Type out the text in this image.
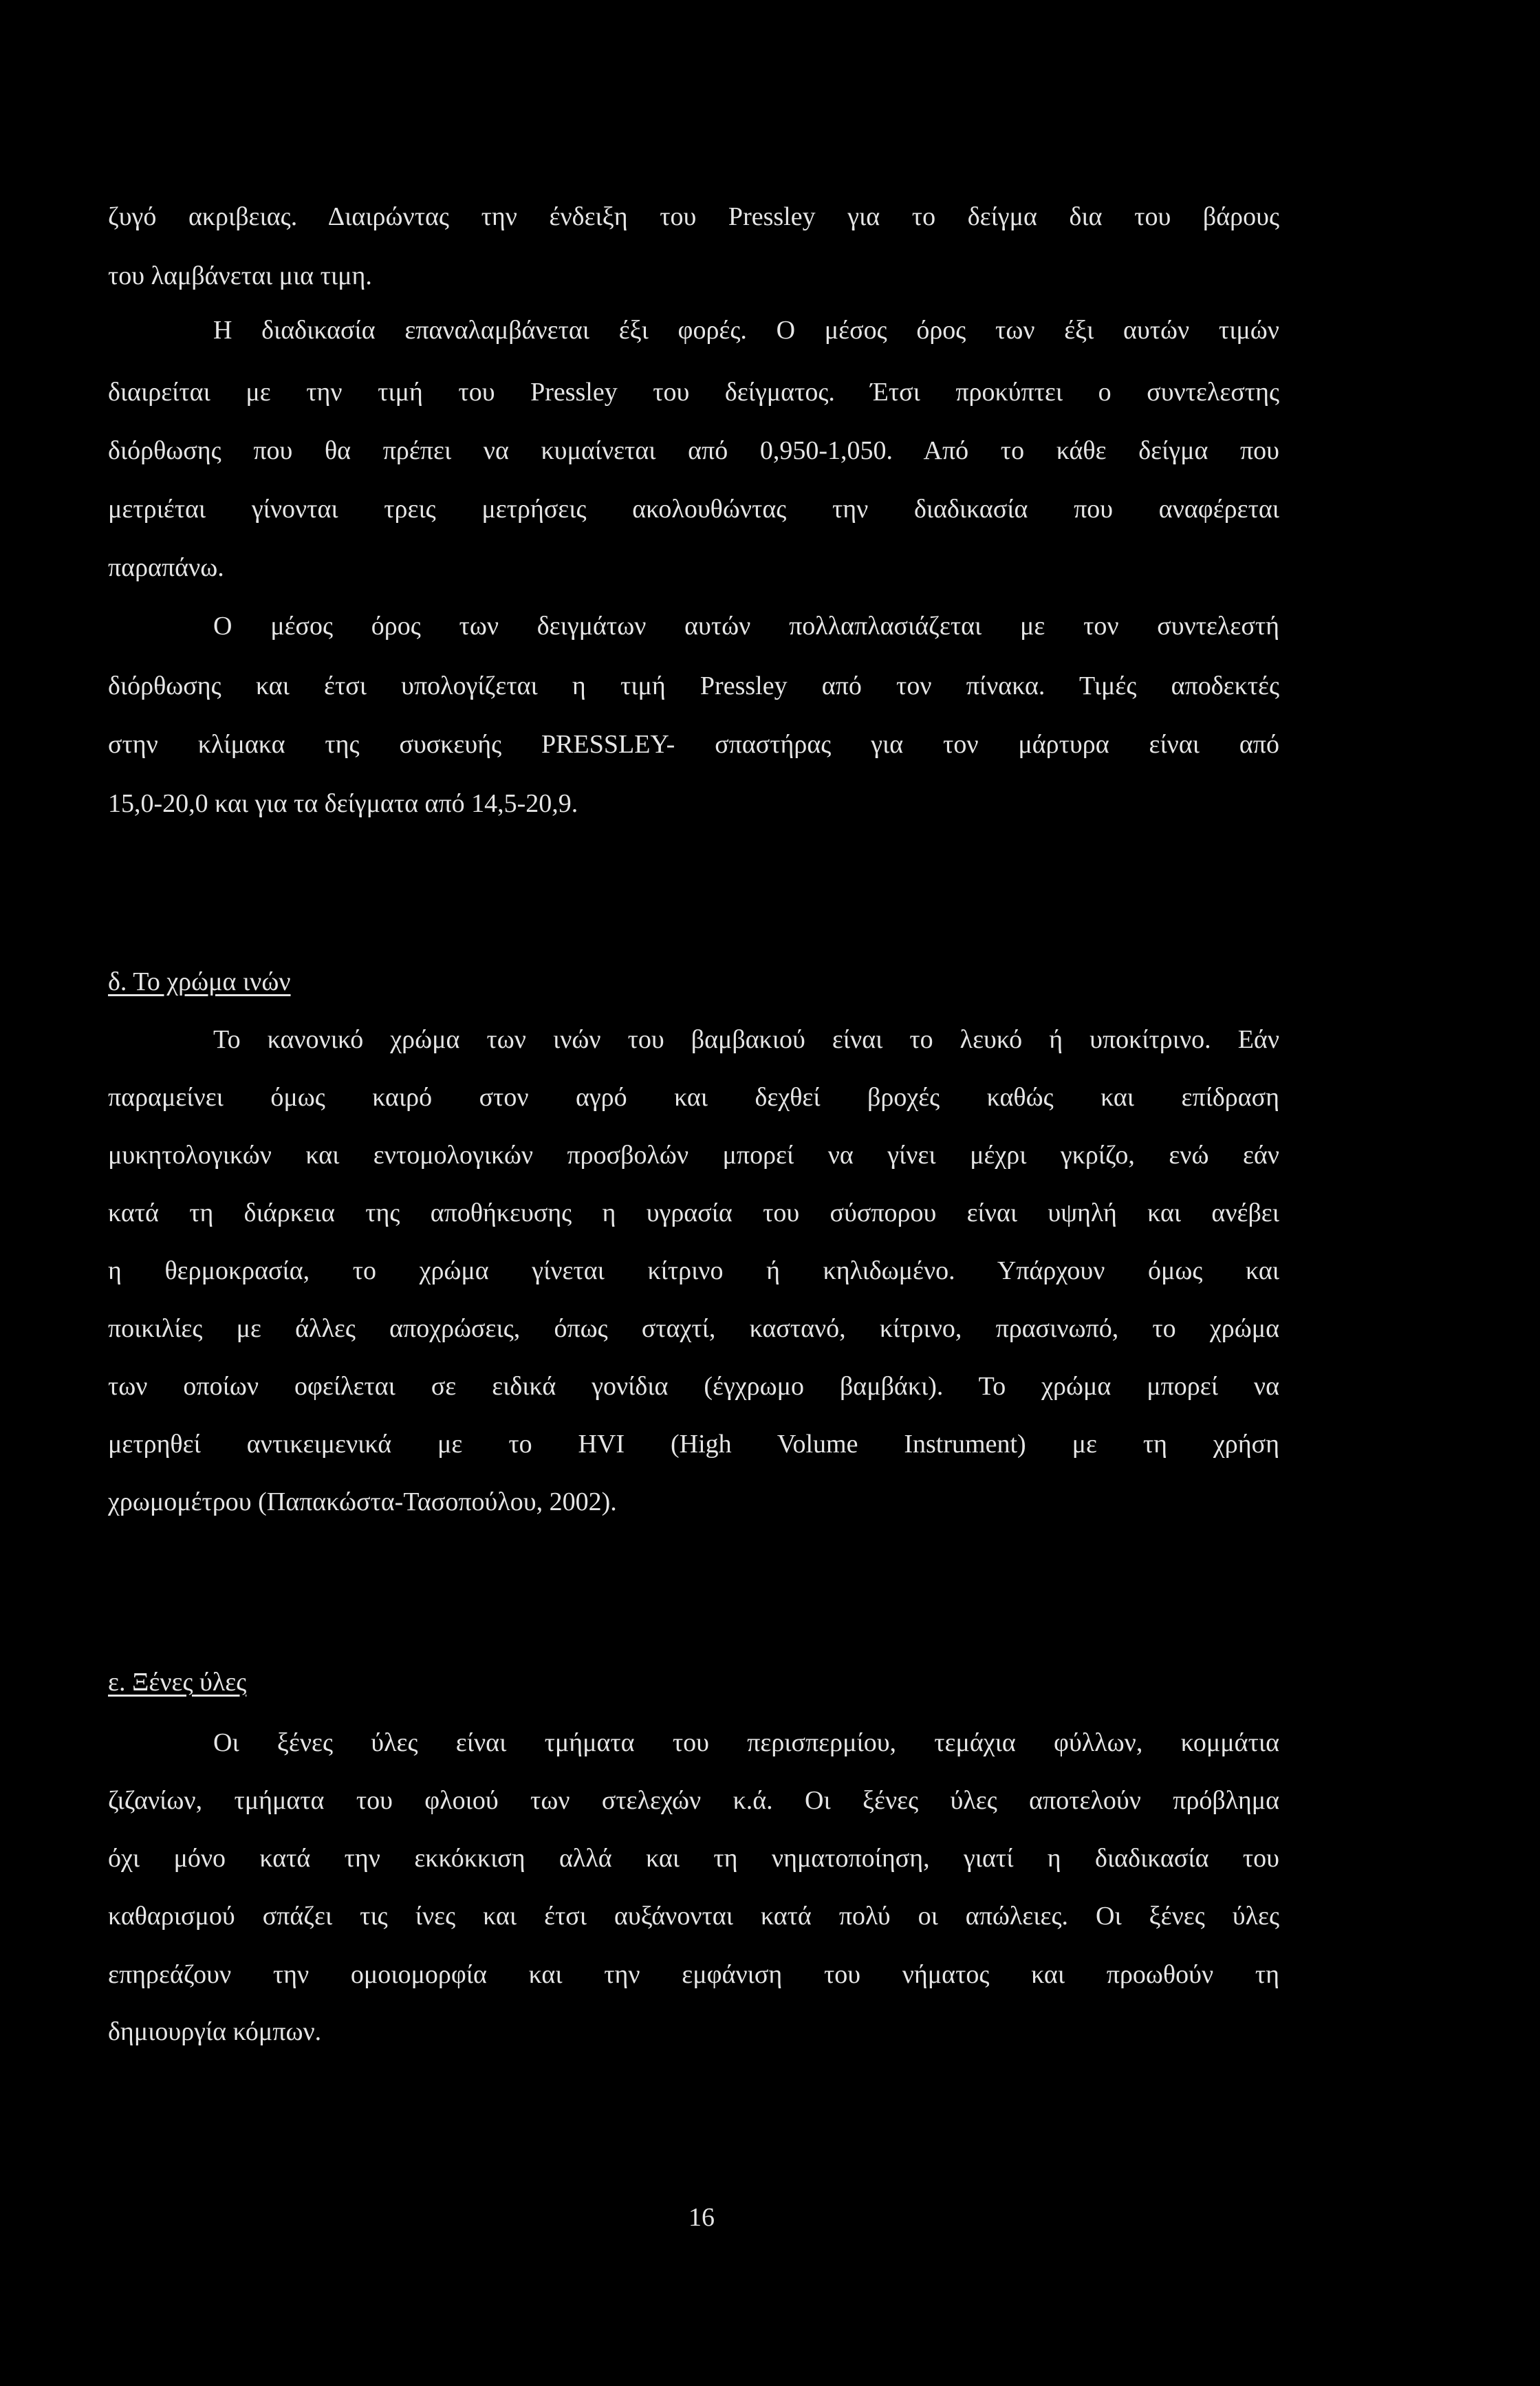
ζυγό ακριβειας. Διαιρώντας την ένδειξη του Pressley για το δείγμα δια του βάρους
του λαμβάνεται μια τιμη.
Η διαδικασία επαναλαμβάνεται έξι φορές. Ο μέσος όρος των έξι αυτών τιμών
διαιρείται με την τιμή του Pressley του δείγματος. Έτσι προκύπτει ο συντελεστης
διόρθωσης που θα πρέπει να κυμαίνεται από 0,950-1,050. Από το κάθε δείγμα που
μετριέται γίνονται τρεις μετρήσεις ακολουθώντας την διαδικασία που αναφέρεται
παραπάνω.
Ο μέσος όρος των δειγμάτων αυτών πολλαπλασιάζεται με τον συντελεστή
διόρθωσης και έτσι υπολογίζεται η τιμή Pressley από τον πίνακα. Τιμές αποδεκτές
στην κλίμακα της συσκευής PRESSLEY- σπαστήρας για τον μάρτυρα είναι από
15,0-20,0 και για τα δείγματα από 14,5-20,9.
δ. Το χρώμα ινών
Το κανονικό χρώμα των ινών του βαμβακιού είναι το λευκό ή υποκίτρινο. Εάν
παραμείνει όμως καιρό στον αγρό και δεχθεί βροχές καθώς και επίδραση
μυκητολογικών και εντομολογικών προσβολών μπορεί να γίνει μέχρι γκρίζο, ενώ εάν
κατά τη διάρκεια της αποθήκευσης η υγρασία του σύσπορου είναι υψηλή και ανέβει
η θερμοκρασία, το χρώμα γίνεται κίτρινο ή κηλιδωμένο. Υπάρχουν όμως και
ποικιλίες με άλλες αποχρώσεις, όπως σταχτί, καστανό, κίτρινο, πρασινωπό, το χρώμα
των οποίων οφείλεται σε ειδικά γονίδια (έγχρωμο βαμβάκι). Το χρώμα μπορεί να
μετρηθεί αντικειμενικά με το HVI (High Volume Instrument) με τη χρήση
χρωμομέτρου (Παπακώστα-Τασοπούλου, 2002).
ε. Ξένες ύλες
Οι ξένες ύλες είναι τμήματα του περισπερμίου, τεμάχια φύλλων, κομμάτια
ζιζανίων, τμήματα του φλοιού των στελεχών κ.ά. Οι ξένες ύλες αποτελούν πρόβλημα
όχι μόνο κατά την εκκόκκιση αλλά και τη νηματοποίηση, γιατί η διαδικασία του
καθαρισμού σπάζει τις ίνες και έτσι αυξάνονται κατά πολύ οι απώλειες. Οι ξένες ύλες
επηρεάζουν την ομοιομορφία και την εμφάνιση του νήματος και προωθούν τη
δημιουργία κόμπων.
16
